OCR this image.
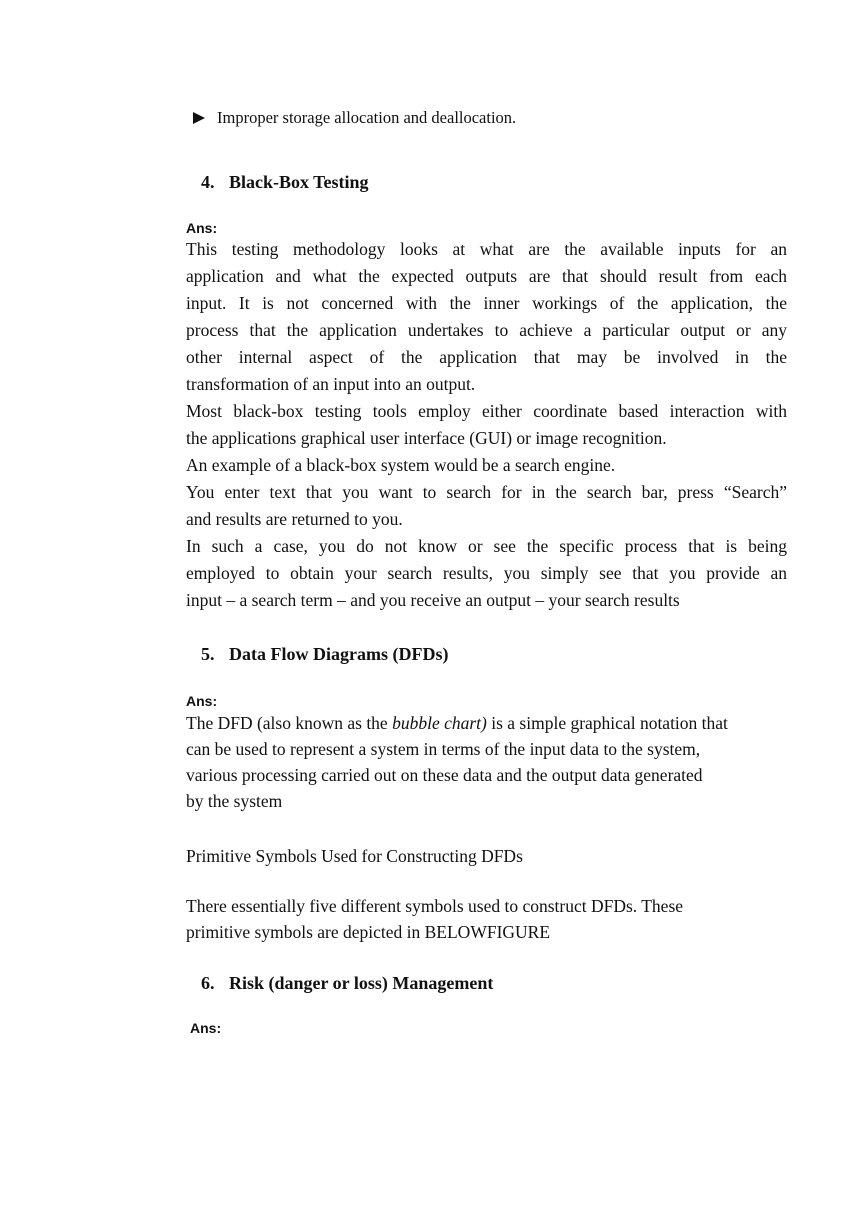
Improper storage allocation and deallocation.
4. Black-Box Testing
Ans:
This testing methodology looks at what are the available inputs for an
application and what the expected outputs are that should result from each
input. It is not concerned with the inner workings of the application, the
process that the application undertakes to achieve a particular output or any
other internal aspect of the application that may be involved in the
transformation of an input into an output.
Most black-box testing tools employ either coordinate based interaction with
the applications graphical user interface (GUI) or image recognition.
An example of a black-box system would be a search engine.
You enter text that you want to search for in the search bar, press “Search”
and results are returned to you.
In such a case, you do not know or see the specific process that is being
employed to obtain your search results, you simply see that you provide an
input – a search term – and you receive an output – your search results
5. Data Flow Diagrams (DFDs)
Ans:
The DFD (also known as the bubble chart) is a simple graphical notation that
can be used to represent a system in terms of the input data to the system,
various processing carried out on these data and the output data generated
by the system
Primitive Symbols Used for Constructing DFDs
There essentially five different symbols used to construct DFDs. These
primitive symbols are depicted in BELOWFIGURE
6. Risk (danger or loss) Management
Ans:
